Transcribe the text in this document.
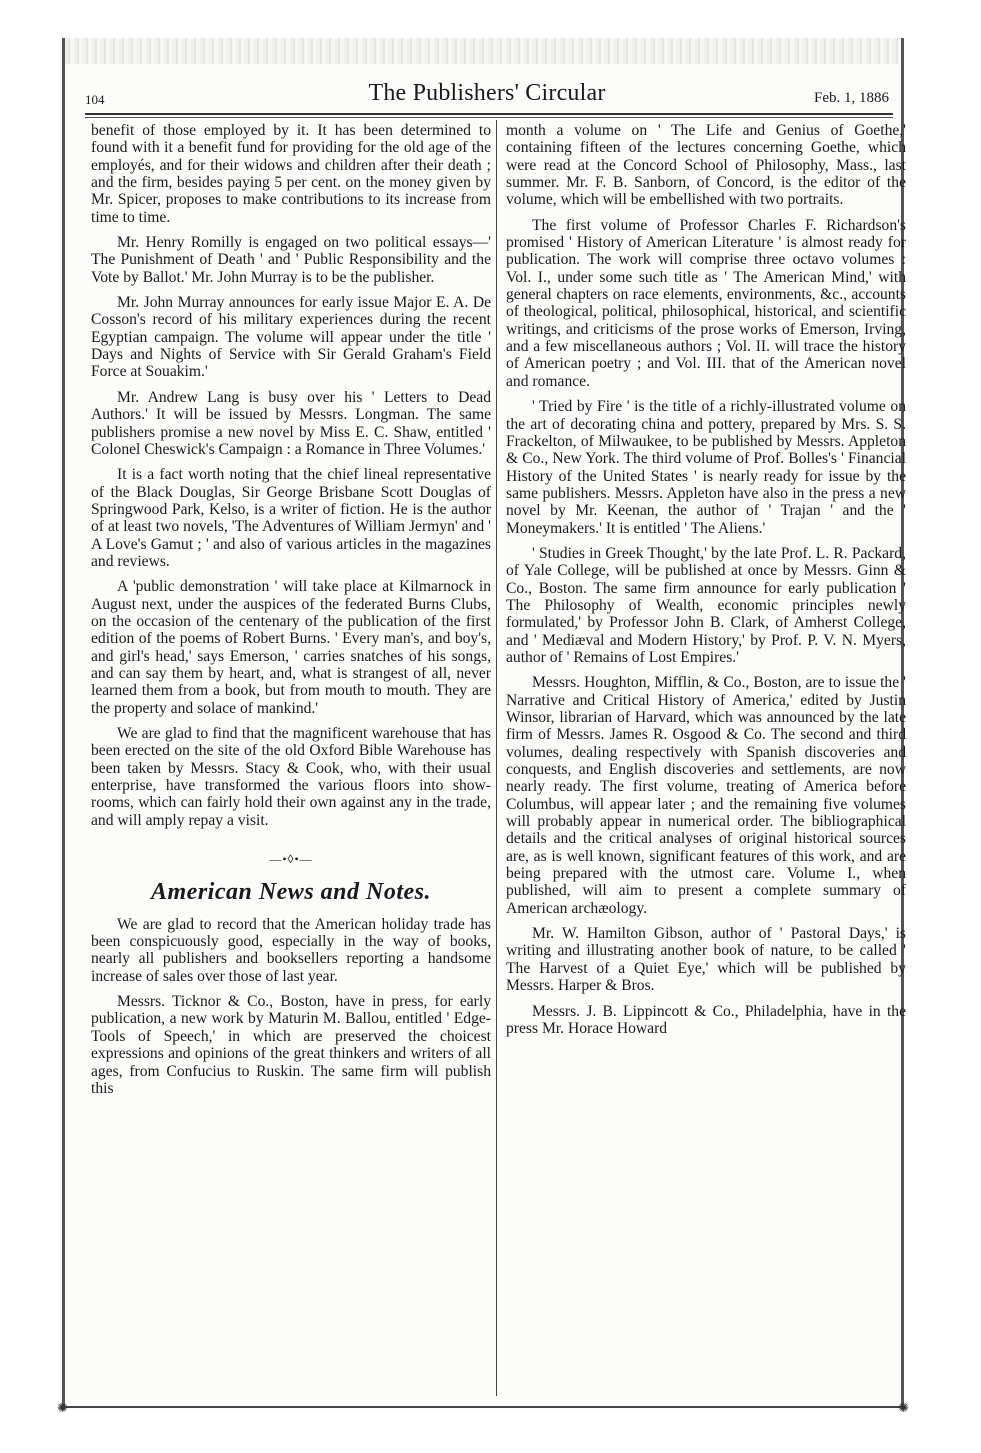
104	The Publishers' Circular	Feb. 1, 1886

benefit of those employed by it. It has been determined to found with it a benefit fund for providing for the old age of the employés, and for their widows and children after their death ; and the firm, besides paying 5 per cent. on the money given by Mr. Spicer, proposes to make contributions to its increase from time to time.

Mr. Henry Romilly is engaged on two political essays—' The Punishment of Death ' and ' Public Responsibility and the Vote by Ballot.' Mr. John Murray is to be the publisher.

Mr. John Murray announces for early issue Major E. A. De Cosson's record of his military experiences during the recent Egyptian campaign. The volume will appear under the title ' Days and Nights of Service with Sir Gerald Graham's Field Force at Souakim.'

Mr. Andrew Lang is busy over his ' Letters to Dead Authors.' It will be issued by Messrs. Longman. The same publishers promise a new novel by Miss E. C. Shaw, entitled ' Colonel Cheswick's Campaign : a Romance in Three Volumes.'

It is a fact worth noting that the chief lineal representative of the Black Douglas, Sir George Brisbane Scott Douglas of Springwood Park, Kelso, is a writer of fiction. He is the author of at least two novels, 'The Adventures of William Jermyn' and ' A Love's Gamut ; ' and also of various articles in the magazines and reviews.

A 'public demonstration ' will take place at Kilmarnock in August next, under the auspices of the federated Burns Clubs, on the occasion of the centenary of the publication of the first edition of the poems of Robert Burns. ' Every man's, and boy's, and girl's head,' says Emerson, ' carries snatches of his songs, and can say them by heart, and, what is strangest of all, never learned them from a book, but from mouth to mouth. They are the property and solace of mankind.'

We are glad to find that the magnificent warehouse that has been erected on the site of the old Oxford Bible Warehouse has been taken by Messrs. Stacy & Cook, who, with their usual enterprise, have transformed the various floors into show-rooms, which can fairly hold their own against any in the trade, and will amply repay a visit.

—•◊•—
American News and Notes.

We are glad to record that the American holiday trade has been conspicuously good, especially in the way of books, nearly all publishers and booksellers reporting a handsome increase of sales over those of last year.

Messrs. Ticknor & Co., Boston, have in press, for early publication, a new work by Maturin M. Ballou, entitled ' Edge-Tools of Speech,' in which are preserved the choicest expressions and opinions of the great thinkers and writers of all ages, from Confucius to Ruskin. The same firm will publish this

month a volume on ' The Life and Genius of Goethe,' containing fifteen of the lectures concerning Goethe, which were read at the Concord School of Philosophy, Mass., last summer. Mr. F. B. Sanborn, of Concord, is the editor of the volume, which will be embellished with two portraits.

The first volume of Professor Charles F. Richardson's promised ' History of American Literature ' is almost ready for publication. The work will comprise three octavo volumes : Vol. I., under some such title as ' The American Mind,' with general chapters on race elements, environments, &c., accounts of theological, political, philosophical, historical, and scientific writings, and criticisms of the prose works of Emerson, Irving, and a few miscellaneous authors ; Vol. II. will trace the history of American poetry ; and Vol. III. that of the American novel and romance.

' Tried by Fire ' is the title of a richly-illustrated volume on the art of decorating china and pottery, prepared by Mrs. S. S. Frackelton, of Milwaukee, to be published by Messrs. Appleton & Co., New York. The third volume of Prof. Bolles's ' Financial History of the United States ' is nearly ready for issue by the same publishers. Messrs. Appleton have also in the press a new novel by Mr. Keenan, the author of ' Trajan ' and the ' Moneymakers.' It is entitled ' The Aliens.'

' Studies in Greek Thought,' by the late Prof. L. R. Packard, of Yale College, will be published at once by Messrs. Ginn & Co., Boston. The same firm announce for early publication ' The Philosophy of Wealth, economic principles newly formulated,' by Professor John B. Clark, of Amherst College, and ' Mediæval and Modern History,' by Prof. P. V. N. Myers, author of ' Remains of Lost Empires.'

Messrs. Houghton, Mifflin, & Co., Boston, are to issue the ' Narrative and Critical History of America,' edited by Justin Winsor, librarian of Harvard, which was announced by the late firm of Messrs. James R. Osgood & Co. The second and third volumes, dealing respectively with Spanish discoveries and conquests, and English discoveries and settlements, are now nearly ready. The first volume, treating of America before Columbus, will appear later ; and the remaining five volumes will probably appear in numerical order. The bibliographical details and the critical analyses of original historical sources are, as is well known, significant features of this work, and are being prepared with the utmost care. Volume I., when published, will aim to present a complete summary of American archæology.

Mr. W. Hamilton Gibson, author of ' Pastoral Days,' is writing and illustrating another book of nature, to be called ' The Harvest of a Quiet Eye,' which will be published by Messrs. Harper & Bros.

Messrs. J. B. Lippincott & Co., Philadelphia, have in the press Mr. Horace Howard

✺	✺
